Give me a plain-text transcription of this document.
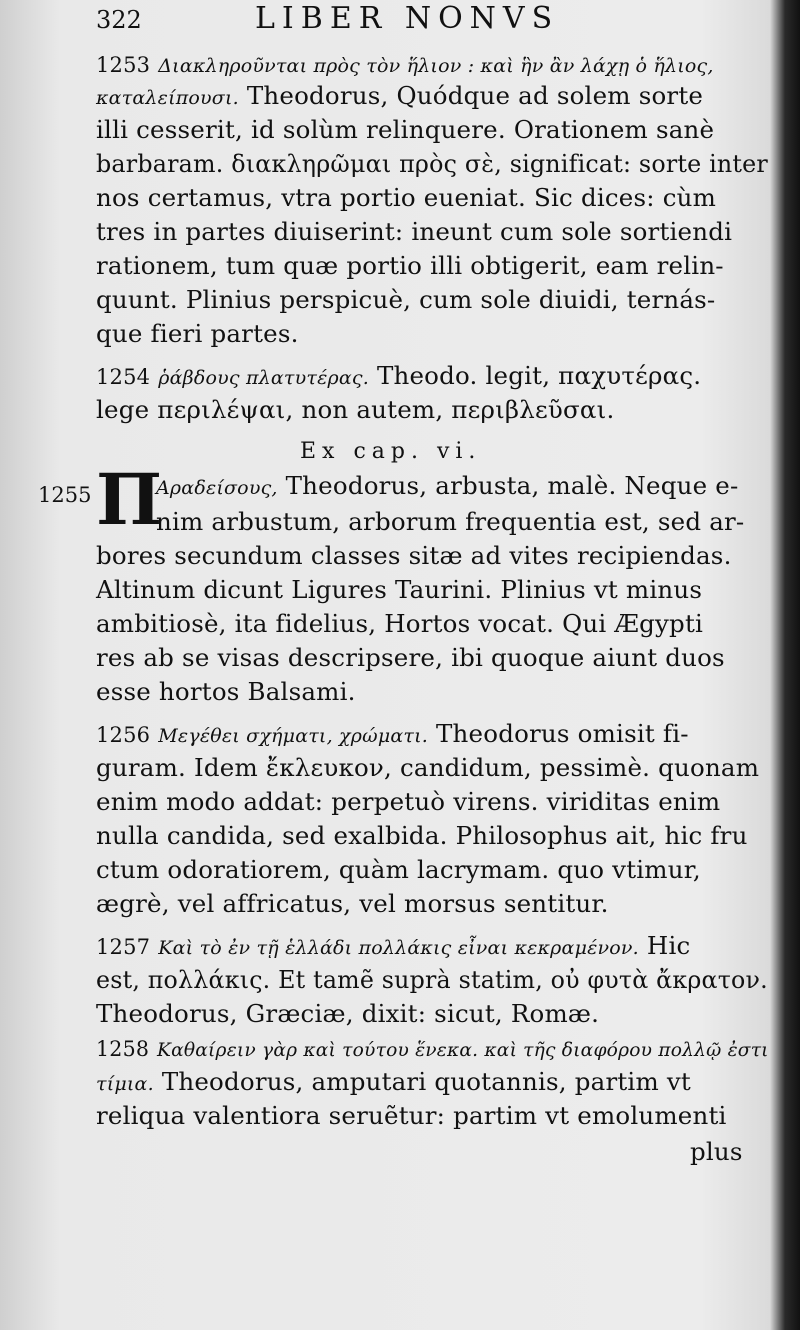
322	LIBER NONVS
1253 Διακληροῦνται πρὸς τὸν ἥλιον : καὶ ἣν ἂν λάχῃ ὁ ἥλιος,
καταλείπουσι. Theodorus, Quódque ad solem sorte
illi cesserit, id solùm relinquere. Orationem sanè
barbaram. διακληρῶμαι πρὸς σὲ, significat: sorte inter
nos certamus, vtra portio eueniat. Sic dices: cùm
tres in partes diuiserint: ineunt cum sole sortiendi
rationem, tum quæ portio illi obtigerit, eam relin-
quunt. Plinius perspicuè, cum sole diuidi, ternás-
que fieri partes.
1254 ῥάβδους πλατυτέρας. Theodo. legit, παχυτέρας.
lege περιλέψαι, non autem, περιβλεῦσαι.
Ex cap. vi.
1255 Π
Αραδείσους, Theodorus, arbusta, malè. Neque e-
nim arbustum, arborum frequentia est, sed ar-
bores secundum classes sitæ ad vites recipiendas.
Altinum dicunt Ligures Taurini. Plinius vt minus
ambitiosè, ita fidelius, Hortos vocat. Qui Ægypti
res ab se visas descripsere, ibi quoque aiunt duos
esse hortos Balsami.
1256 Μεγέθει σχήματι, χρώματι. Theodorus omisit fi-
guram. Idem ἔκλευκον, candidum, pessimè. quonam
enim modo addat: perpetuò virens. viriditas enim
nulla candida, sed exalbida. Philosophus ait, hic fru
ctum odoratiorem, quàm lacrymam. quo vtimur,
ægrè, vel affricatus, vel morsus sentitur.
1257 Καὶ τὸ ἐν τῇ ἑλλάδι πολλάκις εἶναι κεκραμένον. Hic
est, πολλάκις. Et tamẽ suprà statim, οὐ φυτὰ ἄκρατον.
Theodorus, Græciæ, dixit: sicut, Romæ.
1258 Καθαίρειν γὰρ καὶ τούτου ἕνεκα. καὶ τῆς διαφόρου πολλῷ ἐστι
τίμια. Theodorus, amputari quotannis, partim vt
reliqua valentiora seruẽtur: partim vt emolumenti
plus
